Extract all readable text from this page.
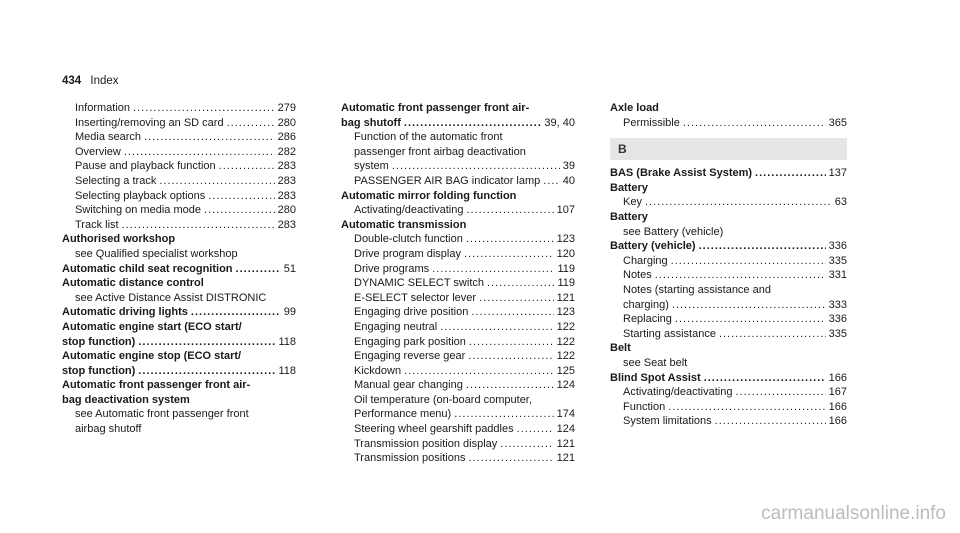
434 Index
Information .....	279
Inserting/removing an SD card .....	280
Media search .....	286
Overview .....	282
Pause and playback function .....	283
Selecting a track .....	283
Selecting playback options .....	283
Switching on media mode .....	280
Track list .....	283
Authorised workshop
see Qualified specialist workshop
Automatic child seat recognition .....	51
Automatic distance control
see Active Distance Assist DISTRONIC
Automatic driving lights .....	99
Automatic engine start (ECO start/
stop function) .....	118
Automatic engine stop (ECO start/
stop function) .....	118
Automatic front passenger front air-
bag deactivation system
see Automatic front passenger front
airbag shutoff
Automatic front passenger front air-
bag shutoff .....	39, 40
Function of the automatic front
passenger front airbag deactivation
system .....	39
PASSENGER AIR BAG indicator lamp ..... 40
Automatic mirror folding function
Activating/deactivating .....	107
Automatic transmission
Double-clutch function .....	123
Drive program display .....	120
Drive programs .....	119
DYNAMIC SELECT switch .....	119
E-SELECT selector lever .....	121
Engaging drive position .....	123
Engaging neutral .....	122
Engaging park position .....	122
Engaging reverse gear .....	122
Kickdown .....	125
Manual gear changing .....	124
Oil temperature (on-board computer,
Performance menu) .....	174
Steering wheel gearshift paddles .....	124
Transmission position display .....	121
Transmission positions .....	121
Axle load
Permissible .....	365
B
BAS (Brake Assist System) .....	137
Battery
Key .....	63
Battery
see Battery (vehicle)
Battery (vehicle) .....	336
Charging .....	335
Notes .....	331
Notes (starting assistance and
charging) .....	333
Replacing .....	336
Starting assistance .....	335
Belt
see Seat belt
Blind Spot Assist .....	166
Activating/deactivating .....	167
Function .....	166
System limitations .....	166
carmanualsonline.info
